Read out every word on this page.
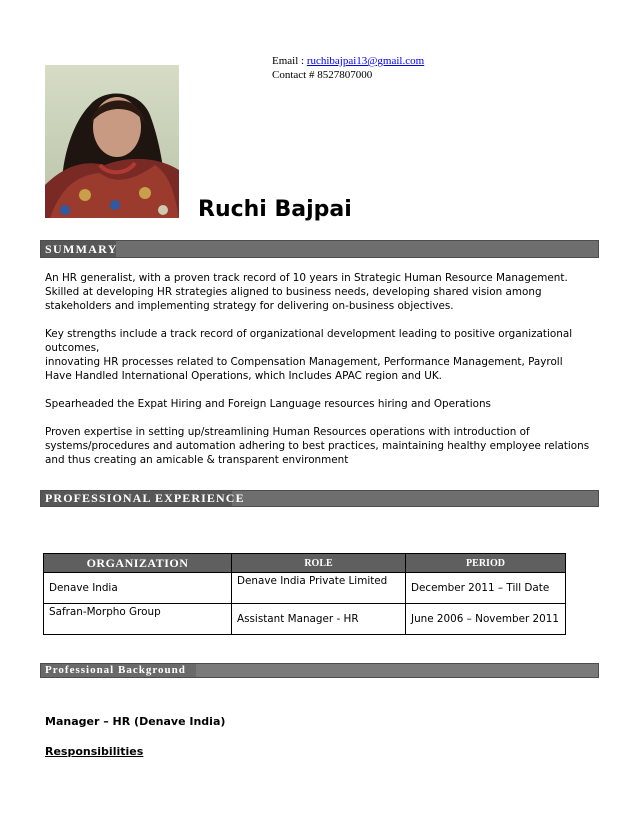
Email : ruchibajpai13@gmail.com
Contact # 8527807000
Ruchi Bajpai
SUMMARY

An HR generalist, with a proven track record of 10 years in Strategic Human Resource Management.
Skilled at developing HR strategies aligned to business needs, developing shared vision among stakeholders and implementing strategy for delivering on-business objectives.

Key strengths include a track record of organizational development leading to positive organizational outcomes,
innovating HR processes related to Compensation Management, Performance Management, Payroll
Have Handled International Operations, which Includes APAC region and UK.

Spearheaded the Expat Hiring and Foreign Language resources hiring and Operations

Proven expertise in setting up/streamlining Human Resources operations with introduction of systems/procedures and automation adhering to best practices, maintaining healthy employee relations and thus creating an amicable & transparent environment

PROFESSIONAL EXPERIENCE
ORGANIZATION	ROLE	PERIOD
Denave India	Denave India Private Limited	December 2011 – Till Date
Safran-Morpho Group	Assistant Manager - HR	June 2006 – November 2011
Professional Background
Manager – HR (Denave India)
Responsibilities
